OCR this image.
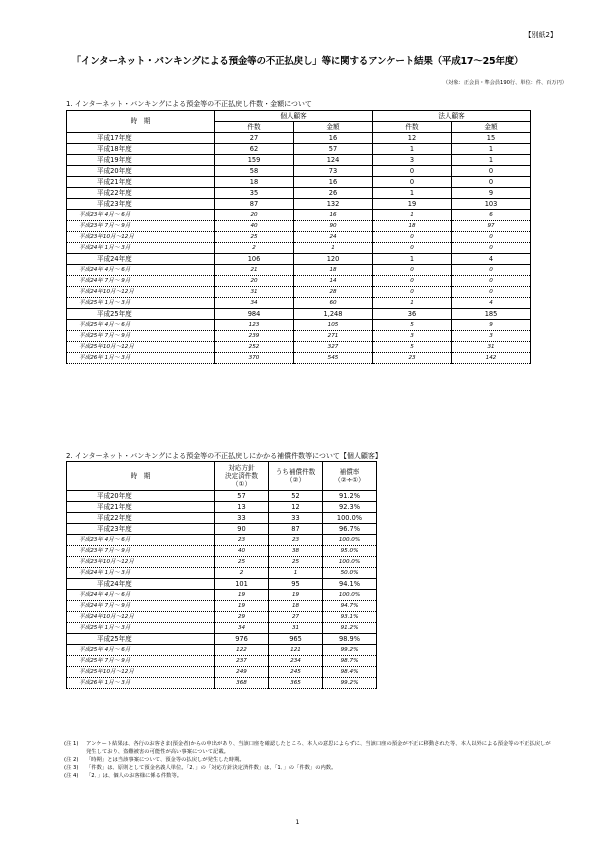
【別紙2】
「インターネット・バンキングによる預金等の不正払戻し」等に関するアンケート結果（平成17～25年度）
（対象：正会員・準会員190行、単位：件、百万円）
1. インターネット・バンキングによる預金等の不正払戻し件数・金額について
時　期	個人顧客		法人顧客	
	件数	金額	件数	金額
平成17年度	27	16	12	15
平成18年度	62	57	1	1
平成19年度	159	124	3	1
平成20年度	58	73	0	0
平成21年度	18	16	0	0
平成22年度	35	26	1	9
平成23年度	87	132	19	103
平成23年 4月～ 6月	20	16	1	6
平成23年 7月～ 9月	40	90	18	97
平成23年10月～12月	25	24	0	0
平成24年 1月～ 3月	2	1	0	0
平成24年度	106	120	1	4
平成24年 4月～ 6月	21	18	0	0
平成24年 7月～ 9月	20	14	0	0
平成24年10月～12月	31	28	0	0
平成25年 1月～ 3月	34	60	1	4
平成25年度	984	1,248	36	185
平成25年 4月～ 6月	123	105	5	9
平成25年 7月～ 9月	239	271	3	3
平成25年10月～12月	252	327	5	31
平成26年 1月～ 3月	370	545	23	142
2. インターネット・バンキングによる預金等の不正払戻しにかかる補償件数等について【個人顧客】
時　期	対応方針
決定済件数
（①）	うち補償件数
（②）	補償率
（②÷①）
平成20年度	57	52	91.2%
平成21年度	13	12	92.3%
平成22年度	33	33	100.0%
平成23年度	90	87	96.7%
平成23年 4月～ 6月	23	23	100.0%
平成23年 7月～ 9月	40	38	95.0%
平成23年10月～12月	25	25	100.0%
平成24年 1月～ 3月	2	1	50.0%
平成24年度	101	95	94.1%
平成24年 4月～ 6月	19	19	100.0%
平成24年 7月～ 9月	19	18	94.7%
平成24年10月～12月	29	27	93.1%
平成25年 1月～ 3月	34	31	91.2%
平成25年度	976	965	98.9%
平成25年 4月～ 6月	122	121	99.2%
平成25年 7月～ 9月	237	234	98.7%
平成25年10月～12月	249	245	98.4%
平成26年 1月～ 3月	368	365	99.2%
(注 1)	アンケート結果は、各行のお客さま(預金者)からの申出があり、当該口座を確認したところ、本人の意思によらずに、当該口座の預金が不正に移動された等、本人以外による預金等の不正払戻しが発生しており、盗難被害の可能性が高い事案について記載。
(注 2)	「時期」とは当該事案について、預金等の払戻しが発生した時期。
(注 3)	「件数」は、原則として預金名義人単位。「2．」の「対応方針決定済件数」は、「1．」の「件数」の内数。
(注 4)	「2．」は、個人のお客様に係る件数等。
1
